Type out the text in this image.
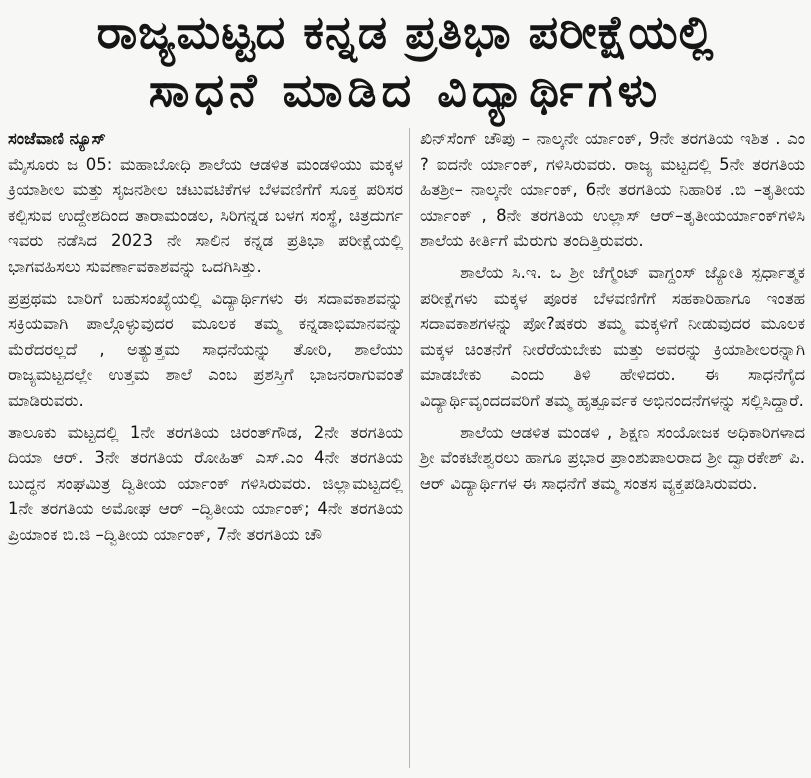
ರಾಜ್ಯಮಟ್ಟದ ಕನ್ನಡ ಪ್ರತಿಭಾ ಪರೀಕ್ಷೆಯಲ್ಲಿ
ಸಾಧನೆ ಮಾಡಿದ ವಿದ್ಯಾರ್ಥಿಗಳು
ಸಂಜೆವಾಣಿ ನ್ಯೂಸ್

ಮೈಸೂರು ಜ 05: ಮಹಾಬೋಧಿ ಶಾಲೆಯ ಆಡಳಿತ ಮಂಡಳಿಯು ಮಕ್ಕಳ ಕ್ರಿಯಾಶೀಲ ಮತ್ತು ಸೃಜನಶೀಲ ಚಟುವಟಿಕೆಗಳ ಬೆಳವಣಿಗೆಗೆ ಸೂಕ್ತ ಪರಿಸರ ಕಲ್ಪಿಸುವ ಉದ್ದೇಶದಿಂದ ತಾರಾಮಂಡಲ, ಸಿರಿಗನ್ನಡ ಬಳಗ ಸಂಸ್ಥೆ, ಚಿತ್ರದುರ್ಗ ಇವರು ನಡೆಸಿದ 2023 ನೇ ಸಾಲಿನ ಕನ್ನಡ ಪ್ರತಿಭಾ ಪರೀಕ್ಷೆಯಲ್ಲಿ ಭಾಗವಹಿಸಲು ಸುವರ್ಣಾವಕಾಶವನ್ನು ಒದಗಿಸಿತ್ತು.

ಪ್ರಪ್ರಥಮ ಬಾರಿಗೆ ಬಹುಸಂಖ್ಯೆಯಲ್ಲಿ ವಿದ್ಯಾರ್ಥಿಗಳು ಈ ಸದಾವಕಾಶವನ್ನು ಸಕ್ರಿಯವಾಗಿ ಪಾಲ್ಗೊಳ್ಳುವುದರ ಮೂಲಕ ತಮ್ಮ ಕನ್ನಡಾಭಿಮಾನವನ್ನು ಮೆರೆದರಲ್ಲದೆ , ಅತ್ಯುತ್ತಮ ಸಾಧನೆಯನ್ನು ತೋರಿ, ಶಾಲೆಯು ರಾಜ್ಯಮಟ್ಟದಲ್ಲೇ ಉತ್ತಮ ಶಾಲೆ ಎಂಬ ಪ್ರಶಸ್ತಿಗೆ ಭಾಜನರಾಗುವಂತೆ ಮಾಡಿರುವರು.

ತಾಲೂಕು ಮಟ್ಟದಲ್ಲಿ 1ನೇ ತರಗತಿಯ ಚಿರಂತ್‌ಗೌಡ, 2ನೇ ತರಗತಿಯ ದಿಯಾ ಆರ್. 3ನೇ ತರಗತಿಯ ರೋಹಿತ್ ಎಸ್.ಎಂ 4ನೇ ತರಗತಿಯ ಬುದ್ಧನ ಸಂಘಮಿತ್ರ ದ್ವಿತೀಯ ರ್ಯಾಂಕ್ ಗಳಿಸಿರುವರು. ಜಿಲ್ಲಾಮಟ್ಟದಲ್ಲಿ 1ನೇ ತರಗತಿಯ ಅಮೋಘ ಆರ್ –ದ್ವಿತೀಯ ರ್ಯಾಂಕ್; 4ನೇ ತರಗತಿಯ ಪ್ರಿಯಾಂಕ ಬಿ.ಜಿ –ದ್ವಿತೀಯ ರ್ಯಾಂಕ್, 7ನೇ ತರಗತಿಯ ಚೌ

ಖಿನ್‌ಸೆಂಗ್ ಚೌಪು – ನಾಲ್ಕನೇ ರ್ಯಾಂಕ್, 9ನೇ ತರಗತಿಯ ಇಶಿತ . ಎಂ ? ಐದನೇ ರ್ಯಾಂಕ್, ಗಳಿಸಿರುವರು. ರಾಜ್ಯ ಮಟ್ಟದಲ್ಲಿ 5ನೇ ತರಗತಿಯ ಹಿತಶ್ರೀ– ನಾಲ್ಕನೇ ರ್ಯಾಂಕ್, 6ನೇ ತರಗತಿಯ ನಿಹಾರಿಕ .ಬಿ –ತೃತೀಯ ರ್ಯಾಂಕ್ , 8ನೇ ತರಗತಿಯ ಉಲ್ಲಾಸ್ ಆರ್–ತೃತೀಯರ್ಯಾಂಕ್‌ಗಳಿಸಿ ಶಾಲೆಯ ಕೀರ್ತಿಗೆ ಮೆರುಗು ತಂದಿತ್ತಿರುವರು.

ಶಾಲೆಯ ಸಿ.ಇ. ಒ ಶ್ರೀ ಜೆಗ್ಮೆಂಟ್ ವಾಗ್ದಂಸ್ ಜ್ಯೋತಿ ಸ್ಪರ್ಧಾತ್ಮಕ ಪರೀಕ್ಷೆಗಳು ಮಕ್ಕಳ ಪೂರಕ ಬೆಳವಣಿಗೆಗೆ ಸಹಕಾರಿಹಾಗೂ ಇಂತಹ ಸದಾವಕಾಶಗಳನ್ನು ಪೋ?ಷಕರು ತಮ್ಮ ಮಕ್ಕಳಿಗೆ ನೀಡುವುದರ ಮೂಲಕ ಮಕ್ಕಳ ಚಿಂತನೆಗೆ ನೀರೆರೆಯಬೇಕು ಮತ್ತು ಅವರನ್ನು ಕ್ರಿಯಾಶೀಲರನ್ನಾಗಿ ಮಾಡಬೇಕು ಎಂದು ತಿಳಿ ಹೇಳಿದರು. ಈ ಸಾಧನೆಗೈದ ವಿದ್ಯಾರ್ಥಿವೃಂದದವರಿಗೆ ತಮ್ಮ ಹೃತ್ಪೂರ್ವಕ ಅಭಿನಂದನೆಗಳನ್ನು ಸಲ್ಲಿಸಿದ್ದಾರೆ.

ಶಾಲೆಯ ಆಡಳಿತ ಮಂಡಳಿ , ಶಿಕ್ಷಣ ಸಂಯೋಜಕ ಅಧಿಕಾರಿಗಳಾದ ಶ್ರೀ ವೆಂಕಟೇಶ್ವರಲು ಹಾಗೂ ಪ್ರಭಾರ ಪ್ರಾಂಶುಪಾಲರಾದ ಶ್ರೀ ದ್ವಾರಕೇಶ್ ಪಿ. ಆರ್ ವಿದ್ಯಾರ್ಥಿಗಳ ಈ ಸಾಧನೆಗೆ ತಮ್ಮ ಸಂತಸ ವ್ಯಕ್ತಪಡಿಸಿರುವರು.
